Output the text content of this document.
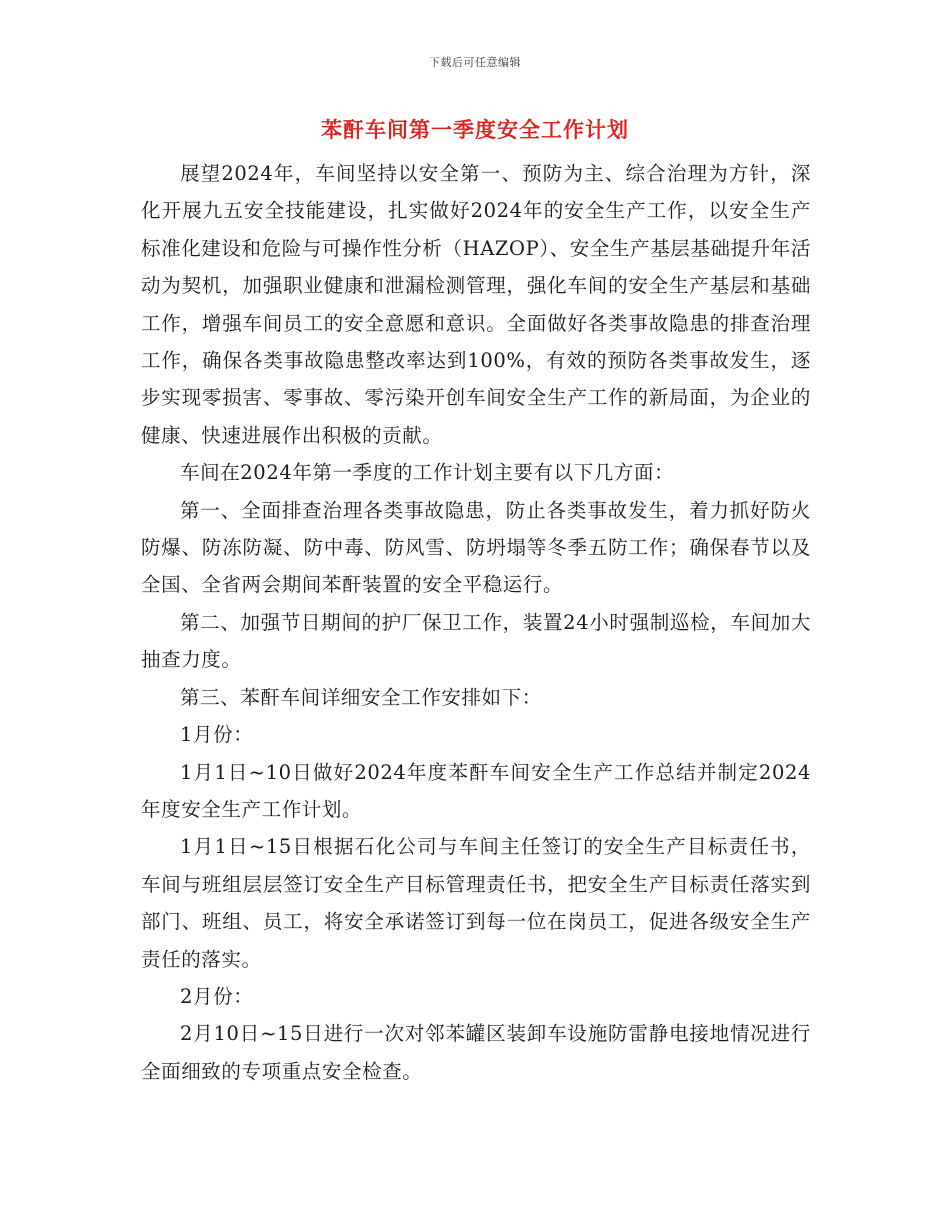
下载后可任意编辑
苯酐车间第一季度安全工作计划

展望2024年，车间坚持以安全第一、预防为主、综合治理为方针，深化开展九五安全技能建设，扎实做好2024年的安全生产工作，以安全生产标准化建设和危险与可操作性分析（HAZOP）、安全生产基层基础提升年活动为契机，加强职业健康和泄漏检测管理，强化车间的安全生产基层和基础工作，增强车间员工的安全意愿和意识。全面做好各类事故隐患的排查治理工作，确保各类事故隐患整改率达到100%，有效的预防各类事故发生，逐步实现零损害、零事故、零污染开创车间安全生产工作的新局面，为企业的健康、快速进展作出积极的贡献。

车间在2024年第一季度的工作计划主要有以下几方面：

第一、全面排查治理各类事故隐患，防止各类事故发生，着力抓好防火防爆、防冻防凝、防中毒、防风雪、防坍塌等冬季五防工作；确保春节以及全国、全省两会期间苯酐装置的安全平稳运行。

第二、加强节日期间的护厂保卫工作，装置24小时强制巡检，车间加大抽查力度。

第三、苯酐车间详细安全工作安排如下：

1月份：

1月1日~10日做好2024年度苯酐车间安全生产工作总结并制定2024年度安全生产工作计划。

1月1日~15日根据石化公司与车间主任签订的安全生产目标责任书，车间与班组层层签订安全生产目标管理责任书，把安全生产目标责任落实到部门、班组、员工，将安全承诺签订到每一位在岗员工，促进各级安全生产责任的落实。

2月份：

2月10日~15日进行一次对邻苯罐区装卸车设施防雷静电接地情况进行全面细致的专项重点安全检查。
